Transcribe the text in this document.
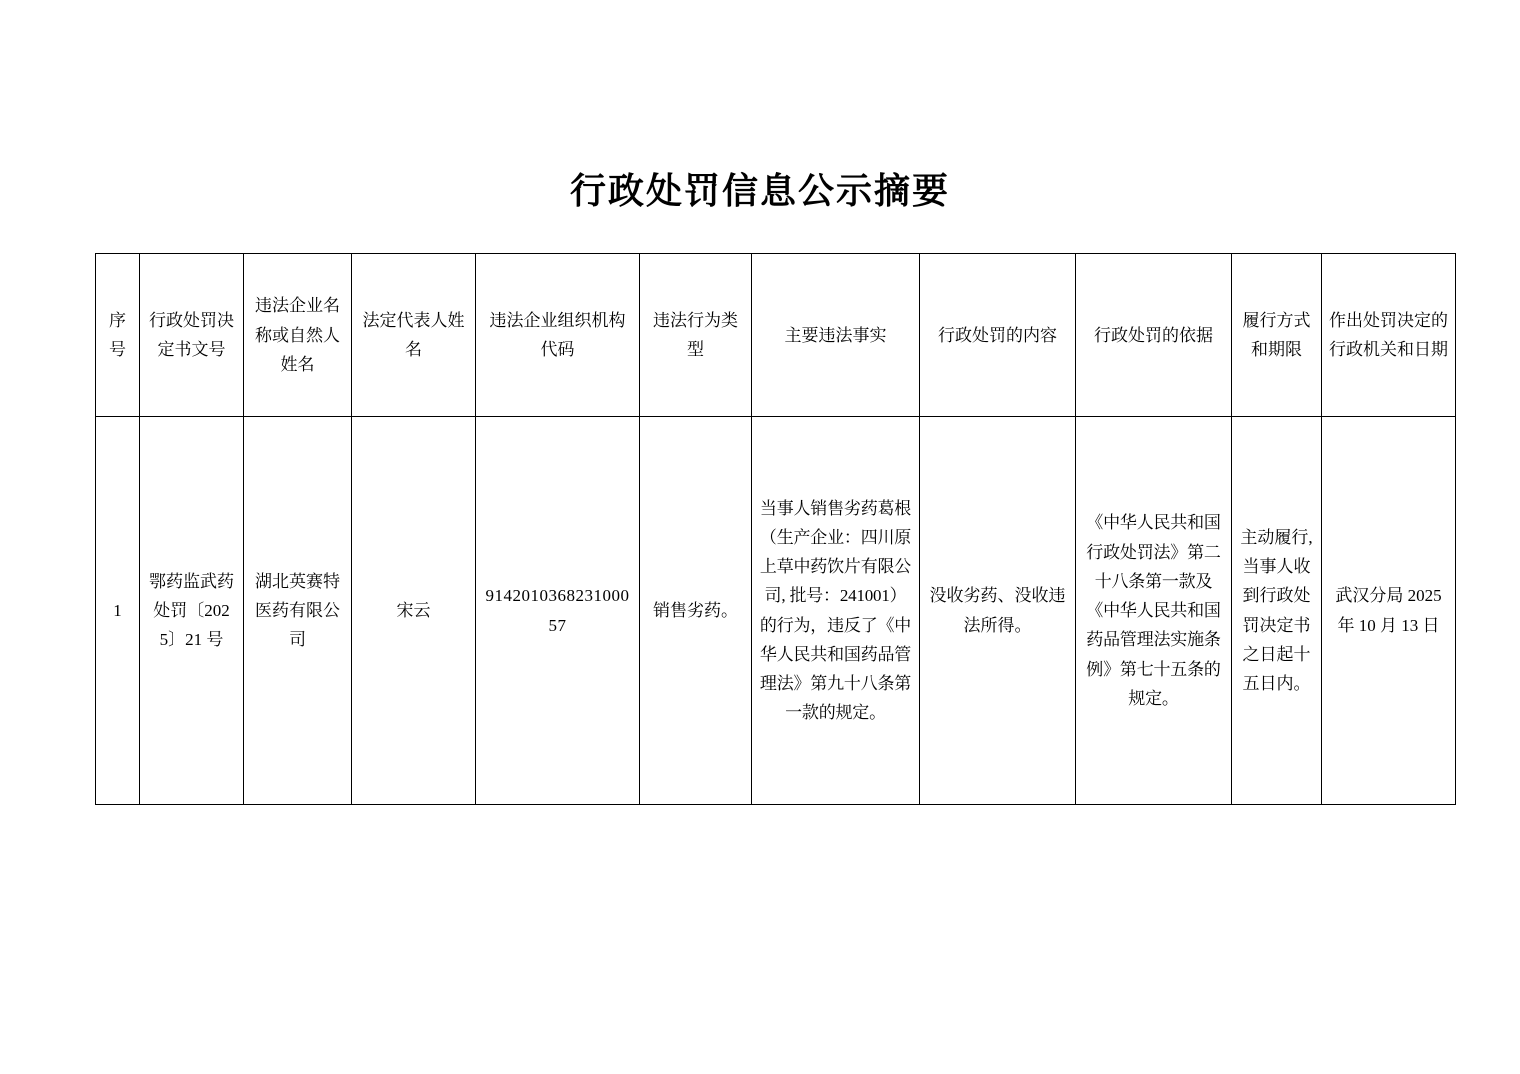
行政处罚信息公示摘要
序号	行政处罚决定书文号	违法企业名称或自然人姓名	法定代表人姓名	违法企业组织机构代码	违法行为类型	主要违法事实	行政处罚的内容	行政处罚的依据	履行方式和期限	作出处罚决定的行政机关和日期
1	鄂药监武药处罚〔2025〕21 号	湖北英赛特医药有限公司	宋云	914201036823100057	销售劣药。	当事人销售劣药葛根（生产企业：四川原上草中药饮片有限公司, 批号：241001）的行为，违反了《中华人民共和国药品管理法》第九十八条第一款的规定。	没收劣药、没收违法所得。	《中华人民共和国行政处罚法》第二十八条第一款及《中华人民共和国药品管理法实施条例》第七十五条的规定。	主动履行, 当事人收到行政处罚决定书之日起十五日内。	武汉分局 2025 年 10 月 13 日
